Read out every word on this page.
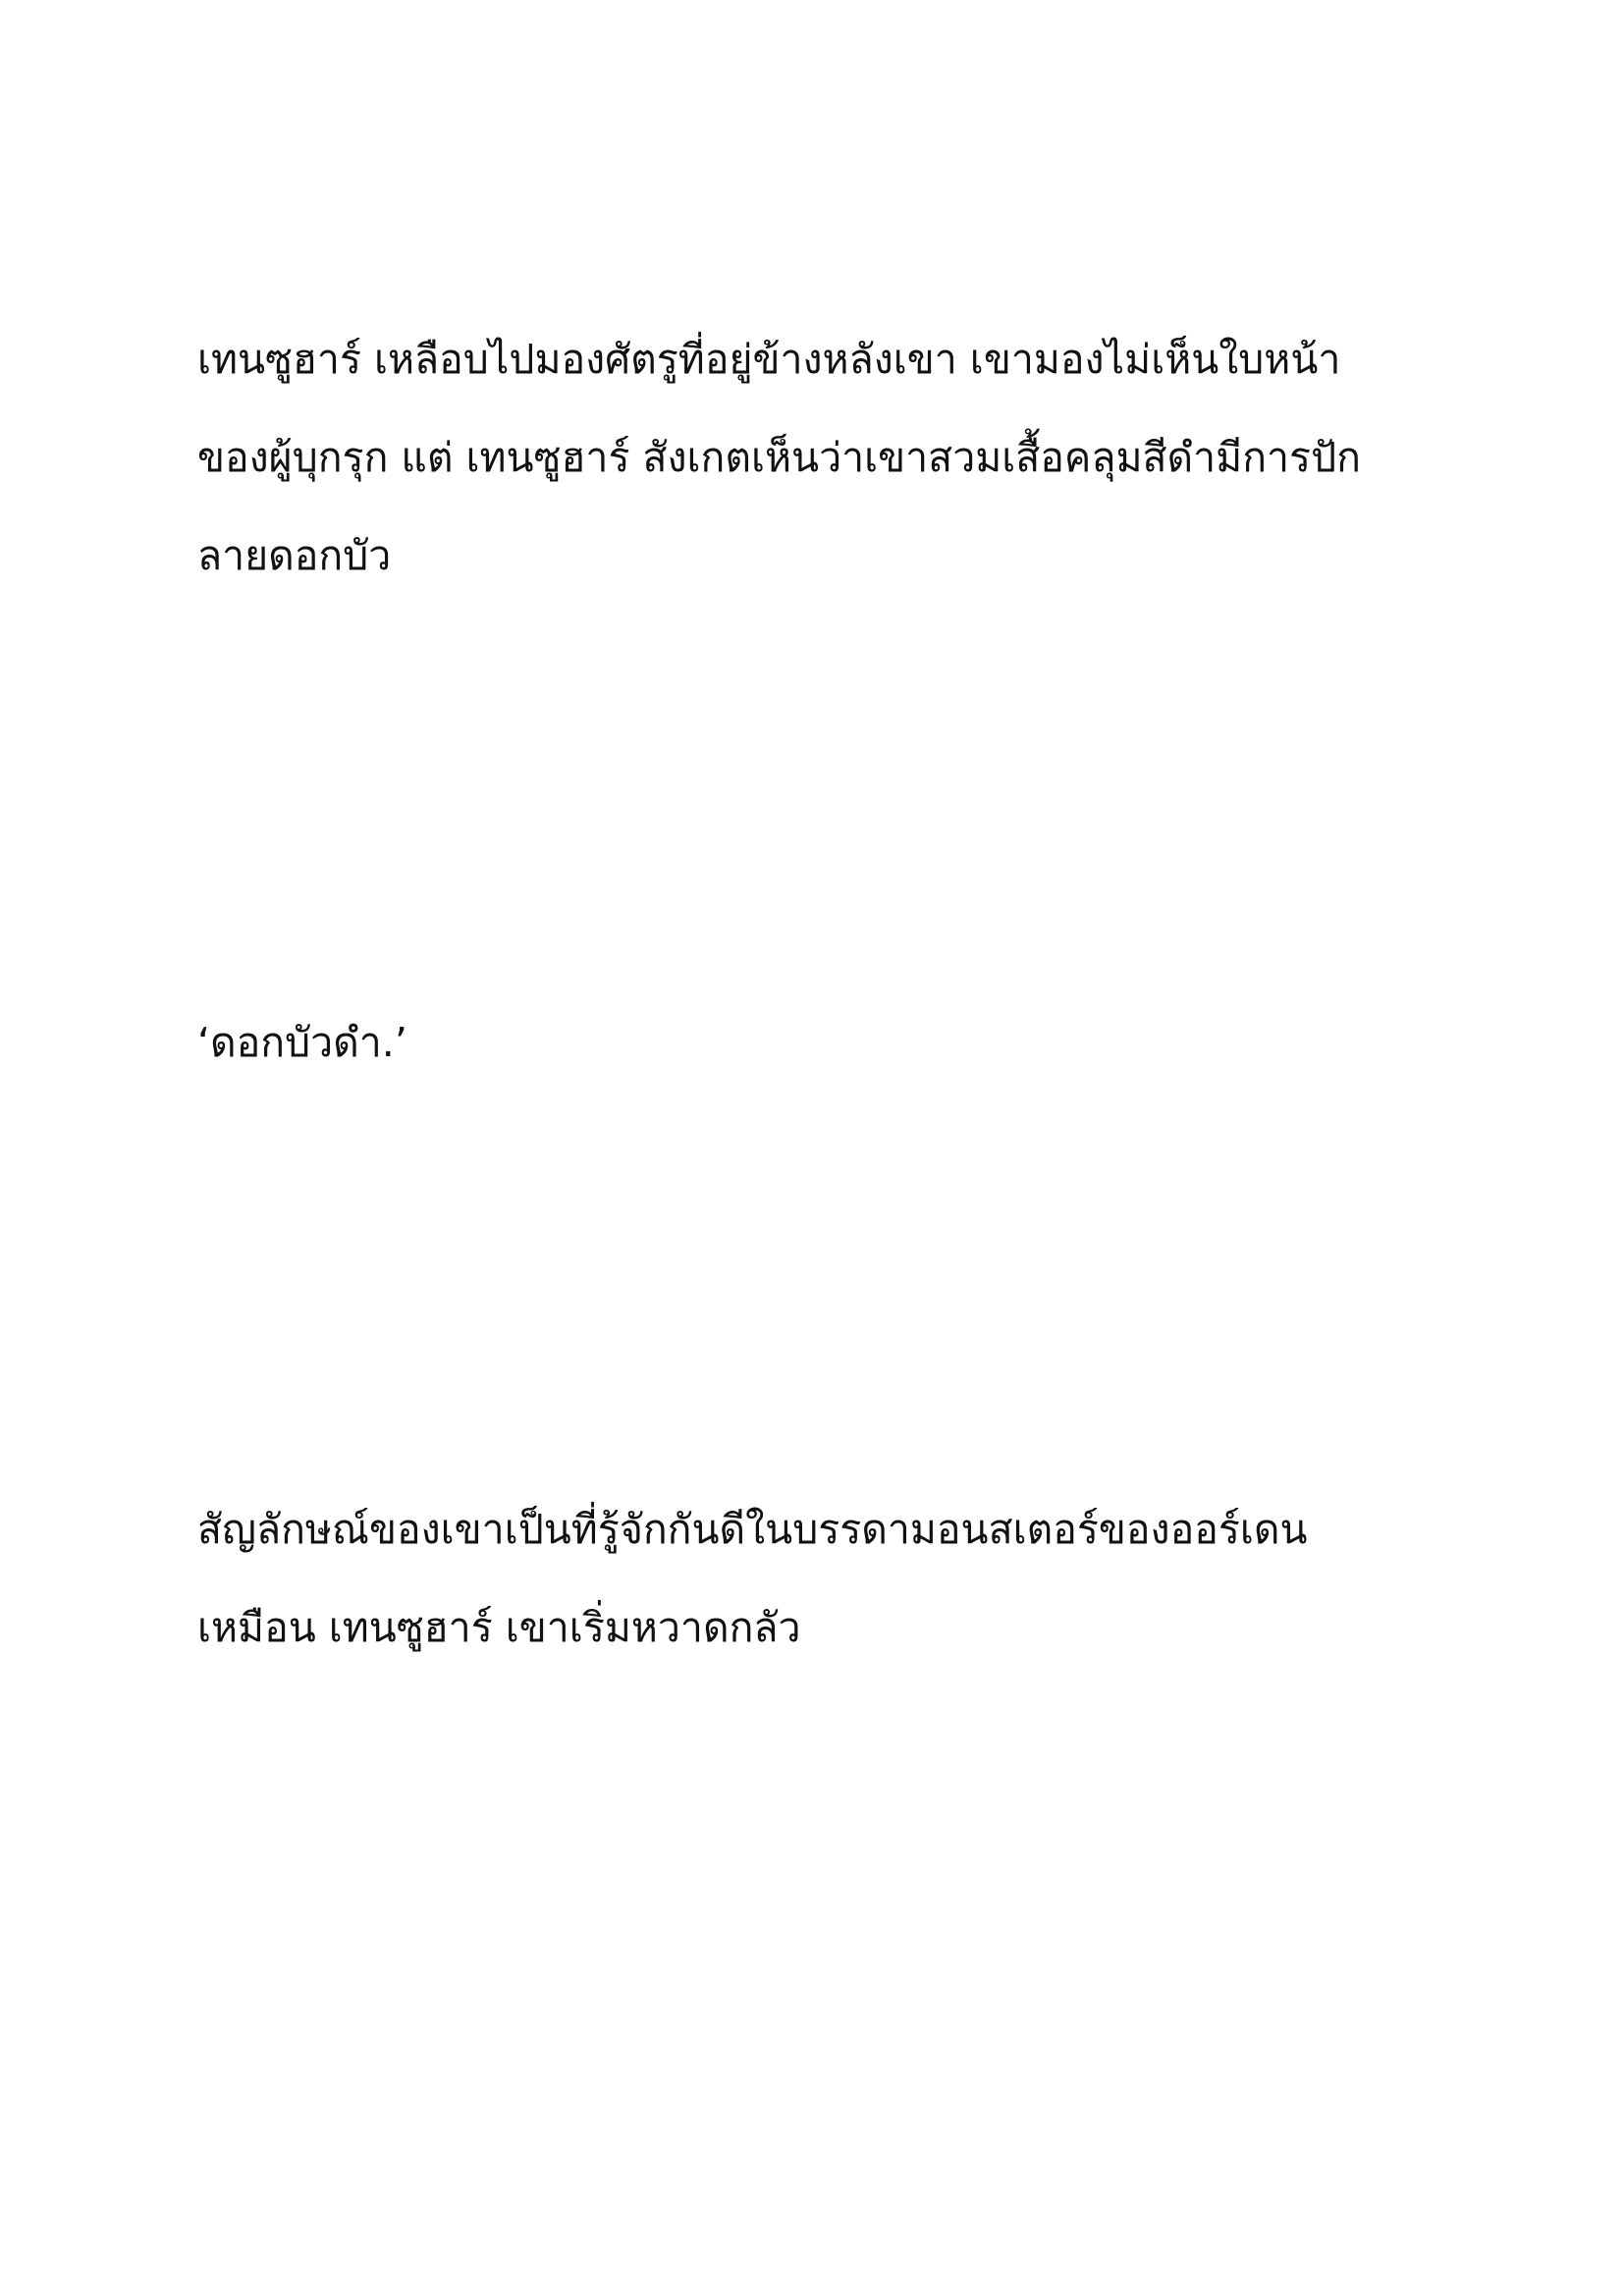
เทนซูฮาร์ เหลือบไปมองศัตรูที่อยู่ข้างหลังเขา เขามองไม่เห็นใบหน้า
ของผู้บุกรุก แต่ เทนซูฮาร์ สังเกตเห็นว่าเขาสวมเสื้อคลุมสีดำมีการปัก
ลายดอกบัว
‘ดอกบัวดำ.’
สัญลักษณ์ของเขาเป็นที่รู้จักกันดีในบรรดามอนสเตอร์ของออร์เดน
เหมือน เทนซูฮาร์ เขาเริ่มหวาดกลัว
